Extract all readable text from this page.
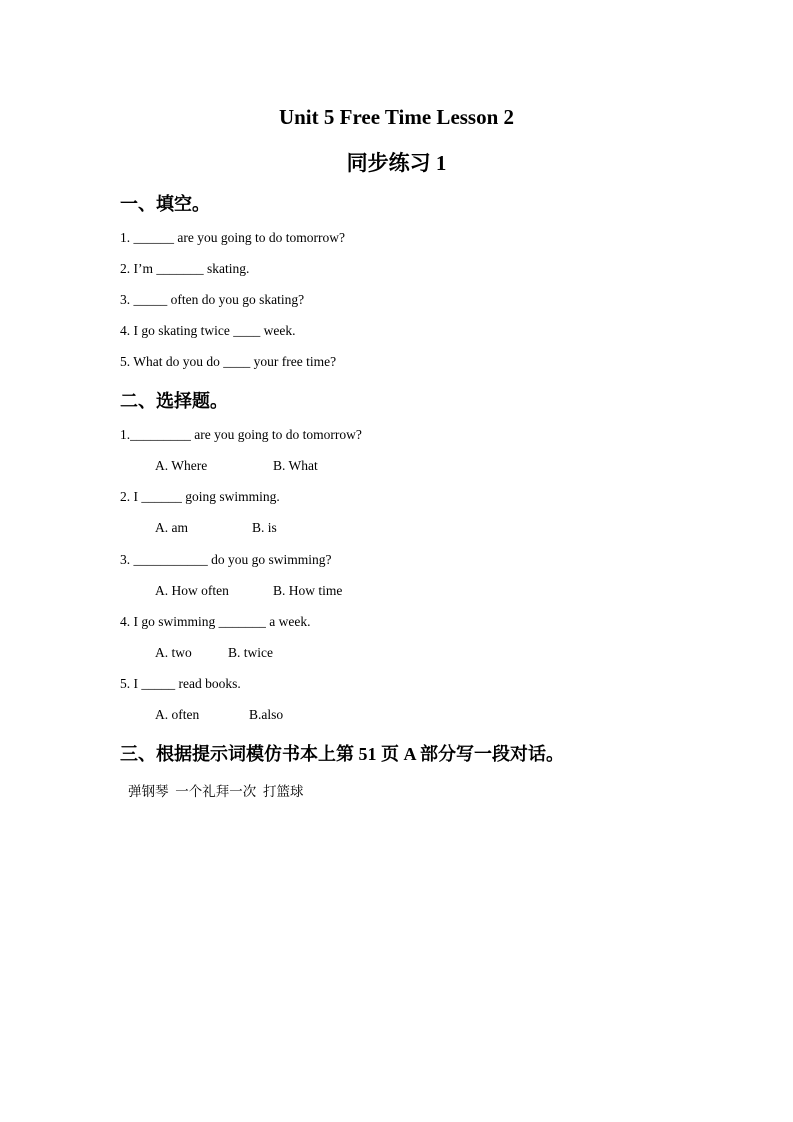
Unit 5 Free Time Lesson 2
同步练习 1
一、填空。
1. ______ are you going to do tomorrow?
2. I’m _______ skating.
3. _____ often do you go skating?
4. I go skating twice ____ week.
5. What do you do ____ your free time?
二、选择题。
1._________ are you going to do tomorrow?
A. Where	B. What
2. I ______ going swimming.
A. am	B. is
3. ___________ do you go swimming?
A. How often	B. How time
4. I go swimming _______ a week.
A. two	B. twice
5. I _____ read books.
A. often	B.also
三、根据提示词模仿书本上第 51 页 A 部分写一段对话。
弹钢琴  一个礼拜一次  打篮球
